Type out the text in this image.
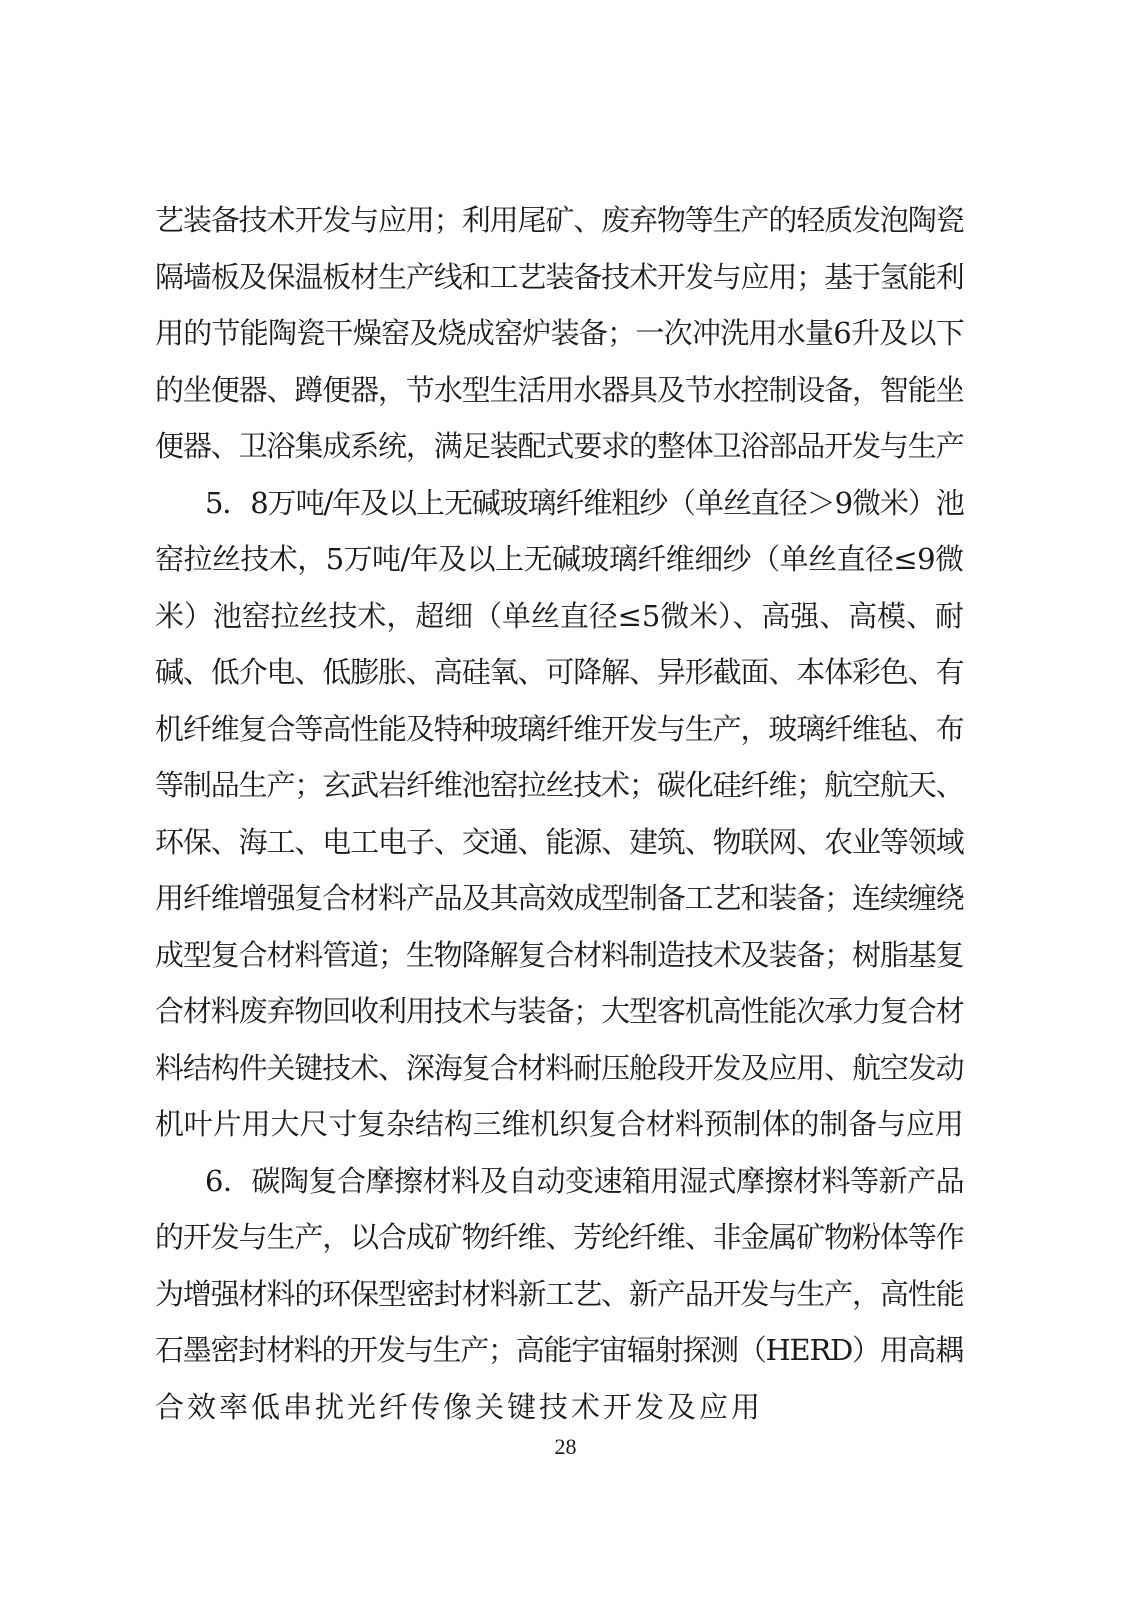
艺装备技术开发与应用；利用尾矿、废弃物等生产的轻质发泡陶瓷
隔墙板及保温板材生产线和工艺装备技术开发与应用；基于氢能利
用的节能陶瓷干燥窑及烧成窑炉装备；一次冲洗用水量6升及以下
的坐便器、蹲便器，节水型生活用水器具及节水控制设备，智能坐
便器、卫浴集成系统，满足装配式要求的整体卫浴部品开发与生产
5．8万吨/年及以上无碱玻璃纤维粗纱（单丝直径＞9微米）池
窑拉丝技术，5万吨/年及以上无碱玻璃纤维细纱（单丝直径≤9微
米）池窑拉丝技术，超细（单丝直径≤5微米）、高强、高模、耐
碱、低介电、低膨胀、高硅氧、可降解、异形截面、本体彩色、有
机纤维复合等高性能及特种玻璃纤维开发与生产，玻璃纤维毡、布
等制品生产；玄武岩纤维池窑拉丝技术；碳化硅纤维；航空航天、
环保、海工、电工电子、交通、能源、建筑、物联网、农业等领域
用纤维增强复合材料产品及其高效成型制备工艺和装备；连续缠绕
成型复合材料管道；生物降解复合材料制造技术及装备；树脂基复
合材料废弃物回收利用技术与装备；大型客机高性能次承力复合材
料结构件关键技术、深海复合材料耐压舱段开发及应用、航空发动
机叶片用大尺寸复杂结构三维机织复合材料预制体的制备与应用
6．碳陶复合摩擦材料及自动变速箱用湿式摩擦材料等新产品
的开发与生产，以合成矿物纤维、芳纶纤维、非金属矿物粉体等作
为增强材料的环保型密封材料新工艺、新产品开发与生产，高性能
石墨密封材料的开发与生产；高能宇宙辐射探测（HERD）用高耦
合效率低串扰光纤传像关键技术开发及应用
28
